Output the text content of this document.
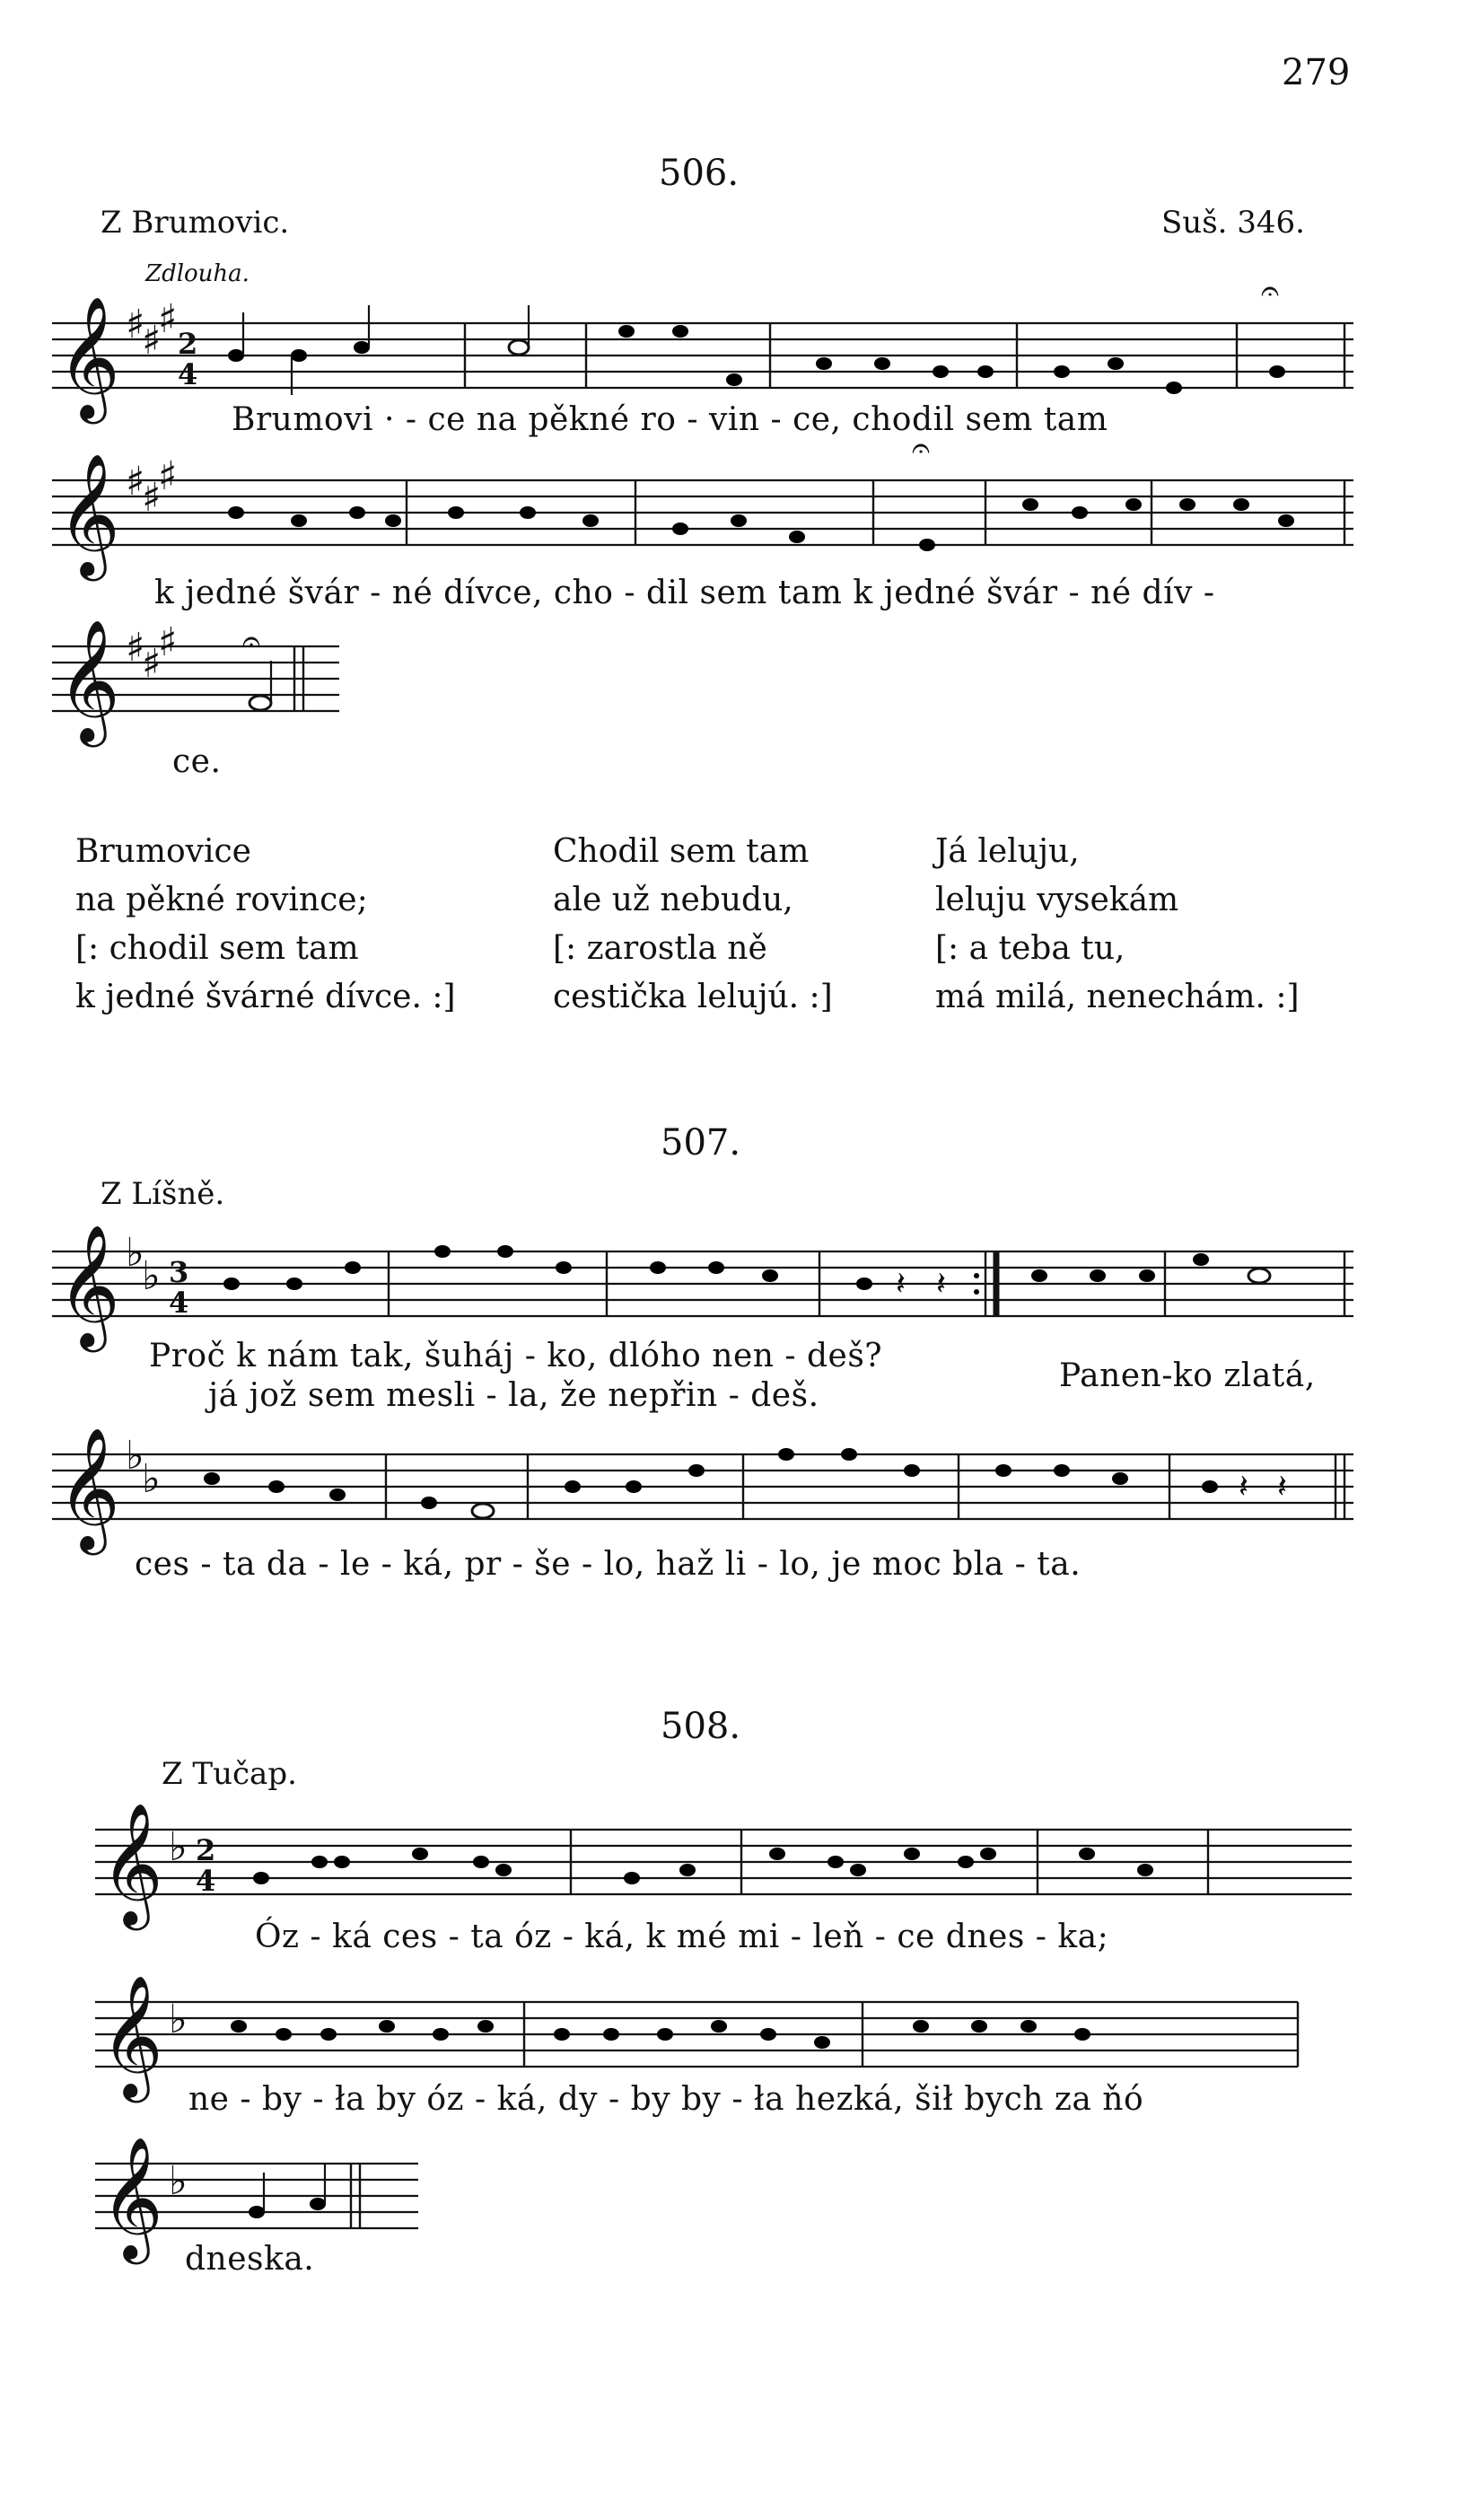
279
506.
Z Brumovic.	Suš. 346.
Zdlouha.
𝄞 ♯
♯
♯
2
4
𝄐
Brumovi · - ce na pěkné ro - vin - ce, chodil sem tam
𝄞 ♯
♯
♯
𝄐
k jedné švár - né dívce, cho - dil sem tam k jedné švár - né dív -
𝄞 ♯
♯
♯ 𝄐
ce.
Brumovice
na pěkné rovince;
[: chodil sem tam
k jedné švárné dívce. :]
Chodil sem tam
ale už nebudu,
[: zarostla ně
cestička lelujú. :]
Já leluju,
leluju vysekám
[: a teba tu,
má milá, nenechám. :]
507.
Z Líšně.
𝄞 ♭
♭ 3
4	𝄽 𝄽
Proč k nám tak, šuháj - ko, dlóho nen - deš?
já jož sem mesli - la, že nepřin - deš.
Panen-ko zlatá,
𝄞 ♭
♭	𝄽 𝄽
ces - ta da - le - ká, pr - še - lo, haž li - lo, je moc bla - ta.
508.
Z Tučap.
𝄞 ♭ 2
4
Óz - ká ces - ta óz - ká, k mé mi - leň - ce dnes - ka;
𝄞 ♭
ne - by - ła by óz - ká, dy - by by - ła hezká, šił bych za ňó
𝄞 ♭
dneska.
